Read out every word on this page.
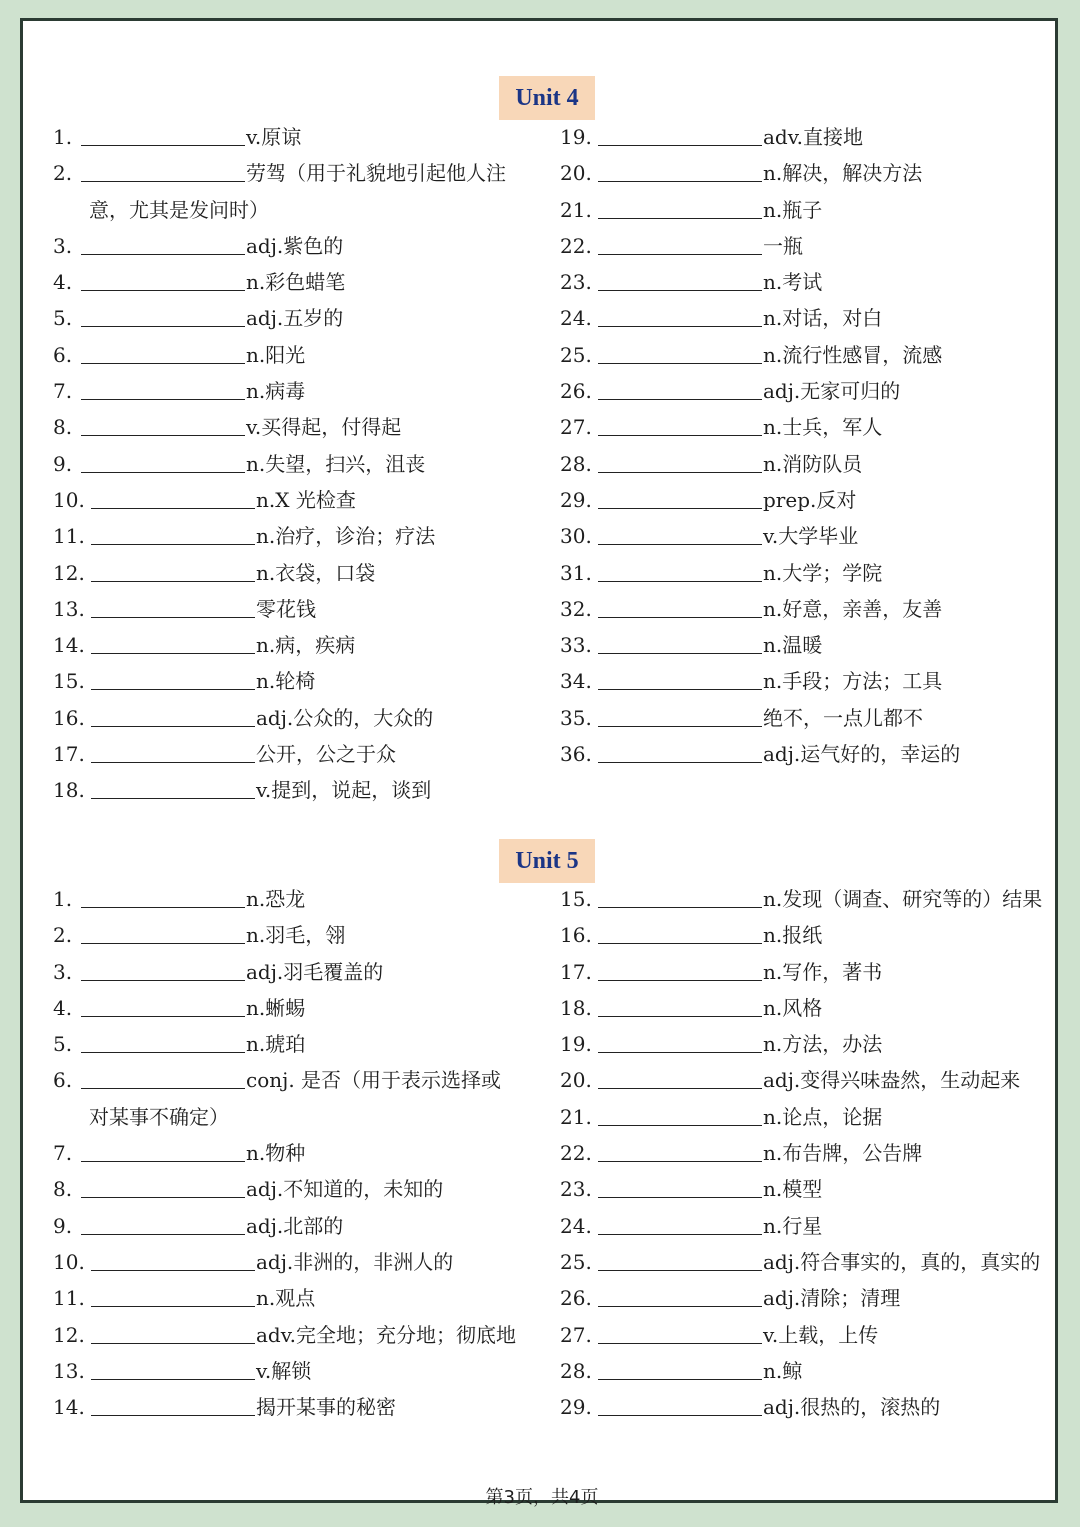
Unit 4
1.	v.原谅
2.	劳驾（用于礼貌地引起他人注
意，尤其是发问时）
3.	adj.紫色的
4.	n.彩色蜡笔
5.	adj.五岁的
6.	n.阳光
7.	n.病毒
8.	v.买得起，付得起
9.	n.失望，扫兴，沮丧
10.	n.X 光检查
11.	n.治疗，诊治；疗法
12.	n.衣袋，口袋
13.	零花钱
14.	n.病，疾病
15.	n.轮椅
16.	adj.公众的，大众的
17.	公开，公之于众
18.	v.提到，说起，谈到
19.	adv.直接地
20.	n.解决，解决方法
21.	n.瓶子
22.	一瓶
23.	n.考试
24.	n.对话，对白
25.	n.流行性感冒，流感
26.	adj.无家可归的
27.	n.士兵，军人
28.	n.消防队员
29.	prep.反对
30.	v.大学毕业
31.	n.大学；学院
32.	n.好意，亲善，友善
33.	n.温暖
34.	n.手段；方法；工具
35.	绝不，一点儿都不
36.	adj.运气好的，幸运的
Unit 5
1.	n.恐龙
2.	n.羽毛，翎
3.	adj.羽毛覆盖的
4.	n.蜥蜴
5.	n.琥珀
6.	conj. 是否（用于表示选择或
对某事不确定）
7.	n.物种
8.	adj.不知道的，未知的
9.	adj.北部的
10.	adj.非洲的，非洲人的
11.	n.观点
12.	adv.完全地；充分地；彻底地
13.	v.解锁
14.	揭开某事的秘密
15.	n.发现（调查、研究等的）结果
16.	n.报纸
17.	n.写作，著书
18.	n.风格
19.	n.方法，办法
20.	adj.变得兴味盎然，生动起来
21.	n.论点，论据
22.	n.布告牌，公告牌
23.	n.模型
24.	n.行星
25.	adj.符合事实的，真的，真实的
26.	adj.清除；清理
27.	v.上载，上传
28.	n.鲸
29.	adj.很热的，滚热的
第3页，共4页
